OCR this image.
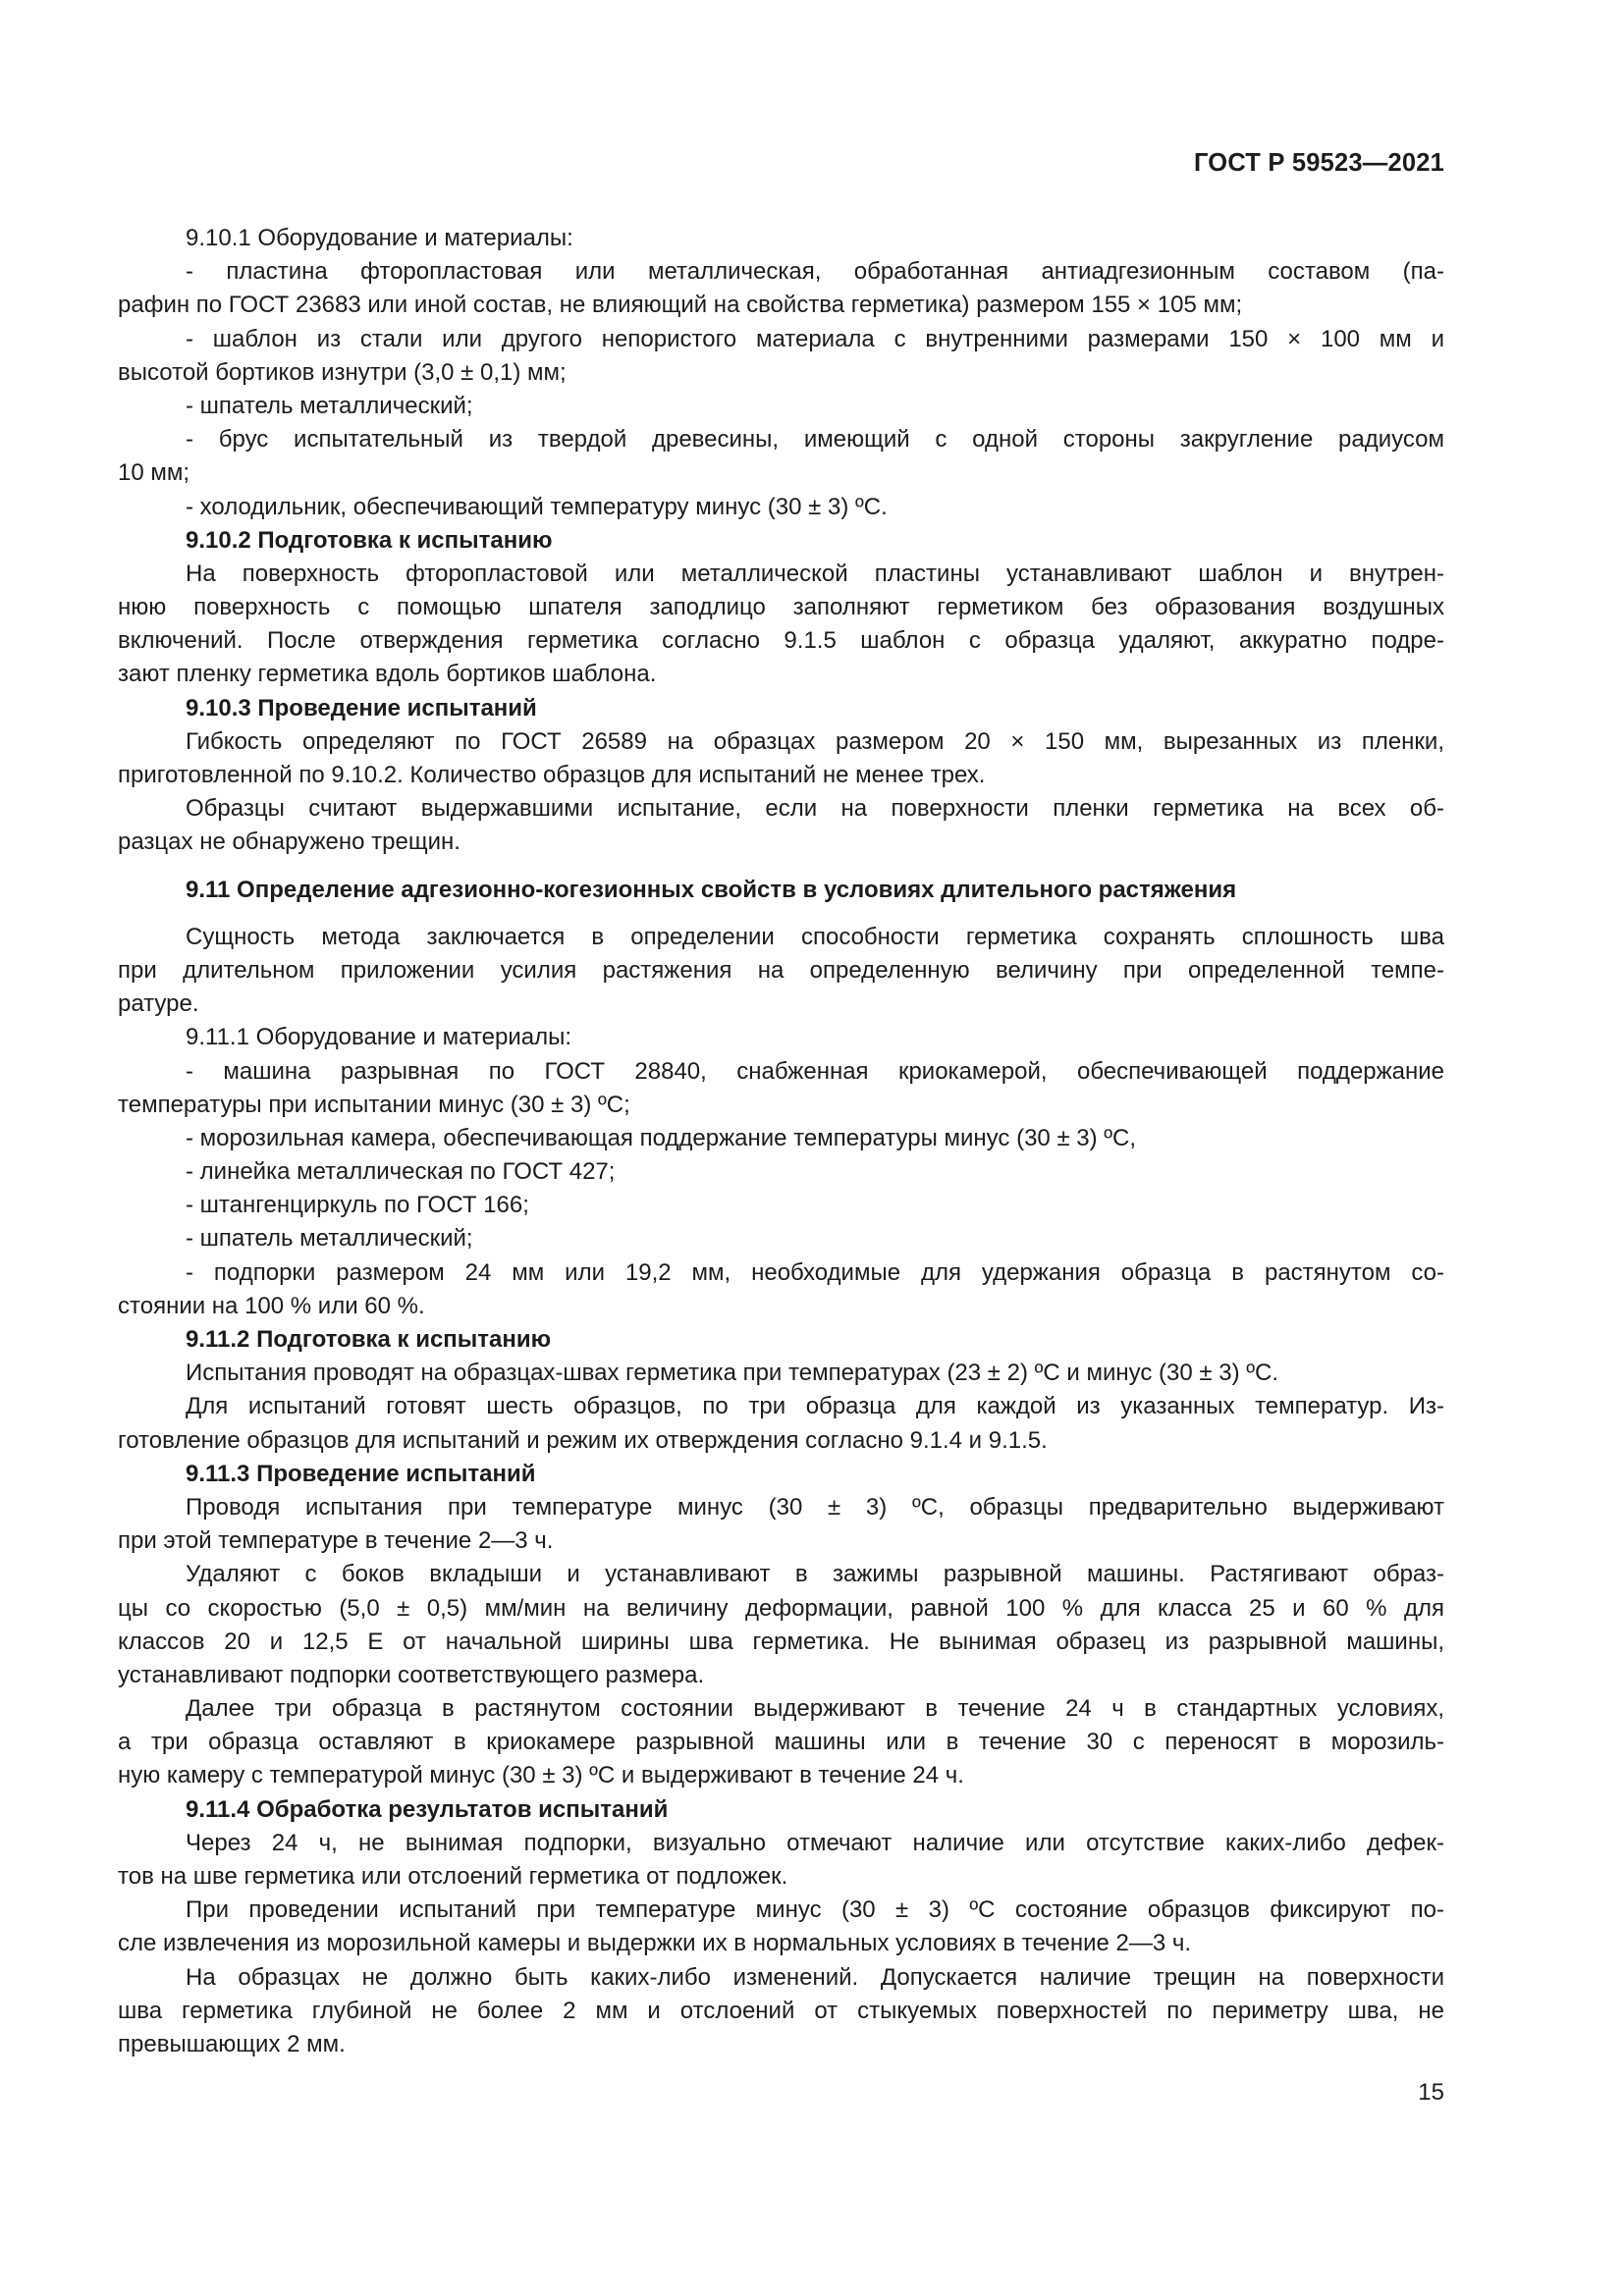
ГОСТ Р 59523—2021
9.10.1 Оборудование и материалы:
- пластина фторопластовая или металлическая, обработанная антиадгезионным составом (па-
рафин по ГОСТ 23683 или иной состав, не влияющий на свойства герметика) размером 155 × 105 мм;
- шаблон из стали или другого непористого материала с внутренними размерами 150 × 100 мм и
высотой бортиков изнутри (3,0 ± 0,1) мм;
- шпатель металлический;
- брус испытательный из твердой древесины, имеющий с одной стороны закругление радиусом
10 мм;
- холодильник, обеспечивающий температуру минус (30 ± 3) ºС.
9.10.2 Подготовка к испытанию
На поверхность фторопластовой или металлической пластины устанавливают шаблон и внутрен-
нюю поверхность с помощью шпателя заподлицо заполняют герметиком без образования воздушных
включений. После отверждения герметика согласно 9.1.5 шаблон с образца удаляют, аккуратно подре-
зают пленку герметика вдоль бортиков шаблона.
9.10.3 Проведение испытаний
Гибкость определяют по ГОСТ 26589 на образцах размером 20 × 150 мм, вырезанных из пленки,
приготовленной по 9.10.2. Количество образцов для испытаний не менее трех.
Образцы считают выдержавшими испытание, если на поверхности пленки герметика на всех об-
разцах не обнаружено трещин.
9.11 Определение адгезионно-когезионных свойств в условиях длительного растяжения
Сущность метода заключается в определении способности герметика сохранять сплошность шва
при длительном приложении усилия растяжения на определенную величину при определенной темпе-
ратуре.
9.11.1 Оборудование и материалы:
- машина разрывная по ГОСТ 28840, снабженная криокамерой, обеспечивающей поддержание
температуры при испытании минус (30 ± 3) ºС;
- морозильная камера, обеспечивающая поддержание температуры минус (30 ± 3) ºС,
- линейка металлическая по ГОСТ 427;
- штангенциркуль по ГОСТ 166;
- шпатель металлический;
- подпорки размером 24 мм или 19,2 мм, необходимые для удержания образца в растянутом со-
стоянии на 100 % или 60 %.
9.11.2 Подготовка к испытанию
Испытания проводят на образцах-швах герметика при температурах (23 ± 2) ºС и минус (30 ± 3) ºС.
Для испытаний готовят шесть образцов, по три образца для каждой из указанных температур. Из-
готовление образцов для испытаний и режим их отверждения согласно 9.1.4 и 9.1.5.
9.11.3 Проведение испытаний
Проводя испытания при температуре минус (30 ± 3) ºС, образцы предварительно выдерживают
при этой температуре в течение 2—3 ч.
Удаляют с боков вкладыши и устанавливают в зажимы разрывной машины. Растягивают образ-
цы со скоростью (5,0 ± 0,5) мм/мин на величину деформации, равной 100 % для класса 25 и 60 % для
классов 20 и 12,5 Е от начальной ширины шва герметика. Не вынимая образец из разрывной машины,
устанавливают подпорки соответствующего размера.
Далее три образца в растянутом состоянии выдерживают в течение 24 ч в стандартных условиях,
а три образца оставляют в криокамере разрывной машины или в течение 30 с переносят в морозиль-
ную камеру с температурой минус (30 ± 3) ºС и выдерживают в течение 24 ч.
9.11.4 Обработка результатов испытаний
Через 24 ч, не вынимая подпорки, визуально отмечают наличие или отсутствие каких-либо дефек-
тов на шве герметика или отслоений герметика от подложек.
При проведении испытаний при температуре минус (30 ± 3) ºС состояние образцов фиксируют по-
сле извлечения из морозильной камеры и выдержки их в нормальных условиях в течение 2—3 ч.
На образцах не должно быть каких-либо изменений. Допускается наличие трещин на поверхности
шва герметика глубиной не более 2 мм и отслоений от стыкуемых поверхностей по периметру шва, не
превышающих 2 мм.
15
